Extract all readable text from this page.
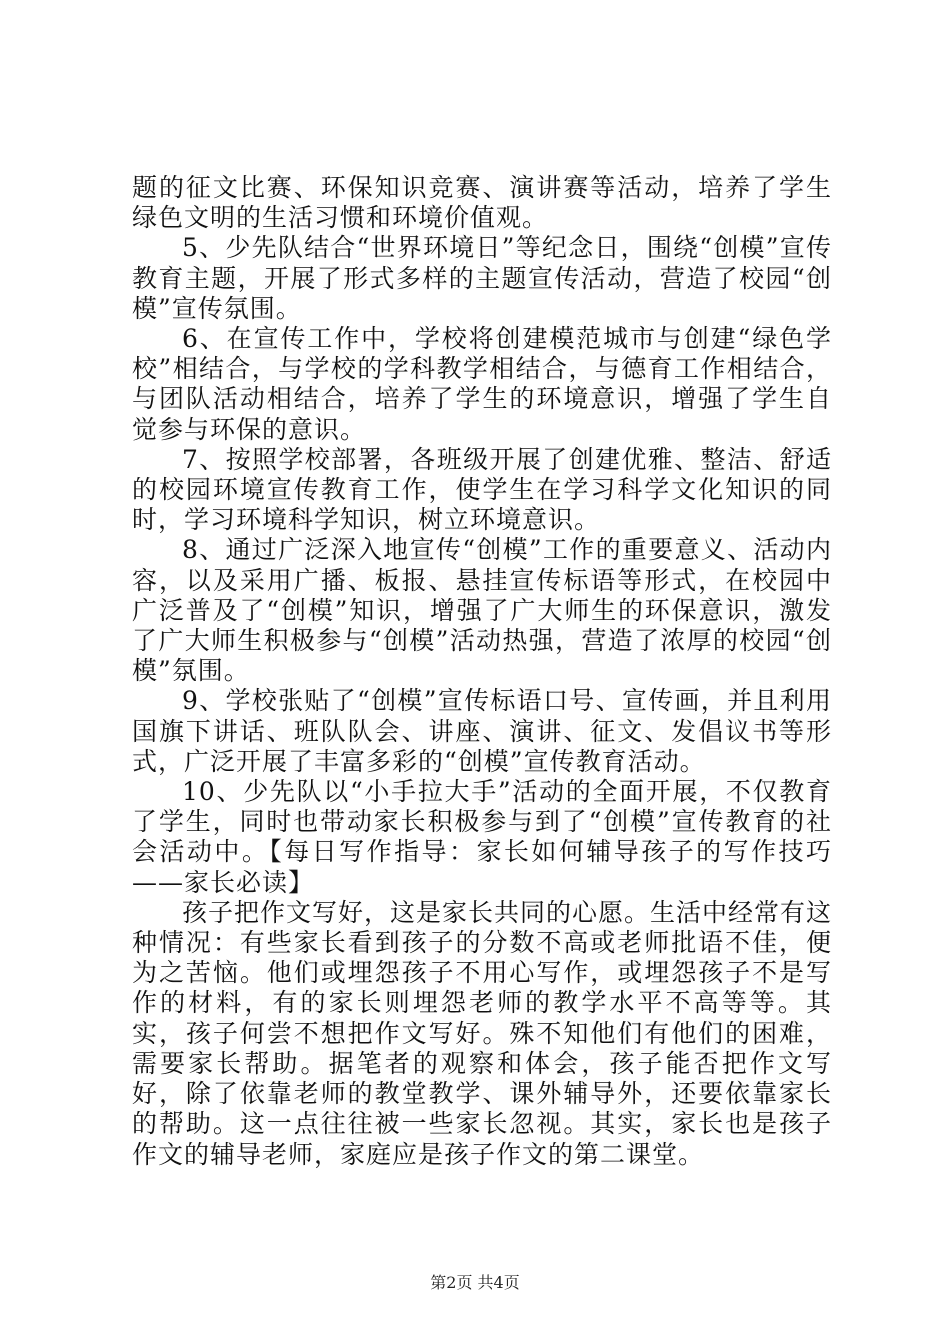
题的征文比赛、环保知识竞赛、演讲赛等活动，培养了学生绿色文明的生活习惯和环境价值观。

5、少先队结合“世界环境日”等纪念日，围绕“创模”宣传教育主题，开展了形式多样的主题宣传活动，营造了校园“创模”宣传氛围。

6、在宣传工作中，学校将创建模范城市与创建“绿色学校”相结合，与学校的学科教学相结合，与德育工作相结合，与团队活动相结合，培养了学生的环境意识，增强了学生自觉参与环保的意识。

7、按照学校部署，各班级开展了创建优雅、整洁、舒适的校园环境宣传教育工作，使学生在学习科学文化知识的同时，学习环境科学知识，树立环境意识。

8、通过广泛深入地宣传“创模”工作的重要意义、活动内容，以及采用广播、板报、悬挂宣传标语等形式，在校园中广泛普及了“创模”知识，增强了广大师生的环保意识，激发了广大师生积极参与“创模”活动热强，营造了浓厚的校园“创模”氛围。

9、学校张贴了“创模”宣传标语口号、宣传画，并且利用国旗下讲话、班队队会、讲座、演讲、征文、发倡议书等形式，广泛开展了丰富多彩的“创模”宣传教育活动。

10、少先队以“小手拉大手”活动的全面开展，不仅教育了学生，同时也带动家长积极参与到了“创模”宣传教育的社会活动中。【每日写作指导：家长如何辅导孩子的写作技巧——家长必读】

孩子把作文写好，这是家长共同的心愿。生活中经常有这种情况：有些家长看到孩子的分数不高或老师批语不佳，便为之苦恼。他们或埋怨孩子不用心写作，或埋怨孩子不是写作的材料，有的家长则埋怨老师的教学水平不高等等。其实，孩子何尝不想把作文写好。殊不知他们有他们的困难，需要家长帮助。据笔者的观察和体会，孩子能否把作文写好，除了依靠老师的教堂教学、课外辅导外，还要依靠家长的帮助。这一点往往被一些家长忽视。其实，家长也是孩子作文的辅导老师，家庭应是孩子作文的第二课堂。

第2页 共4页
